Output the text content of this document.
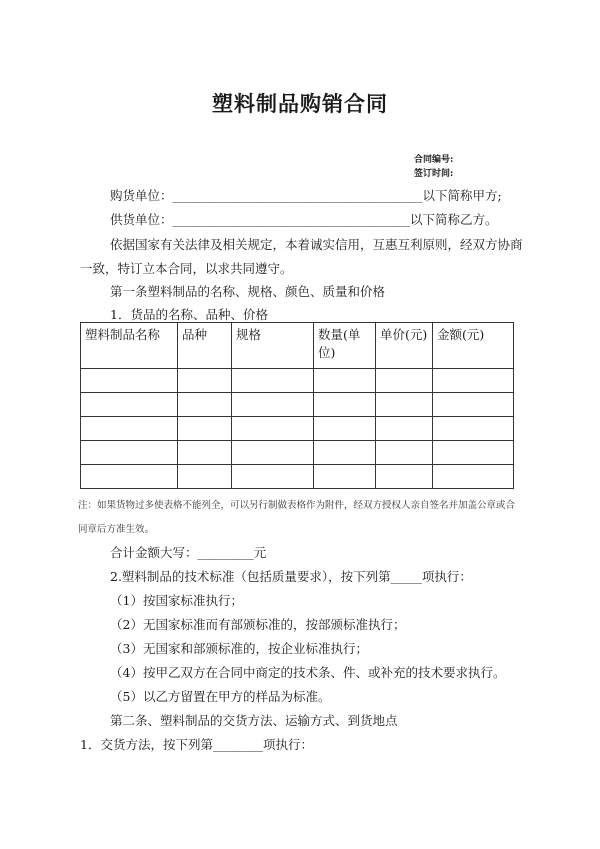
塑料制品购销合同
合同编号:
签订时间:
购货单位：________________________________________以下简称甲方;
供货单位：______________________________________以下简称乙方。
依据国家有关法律及相关规定，本着诚实信用，互惠互利原则，经双方协商
一致，特订立本合同，以求共同遵守。
第一条塑料制品的名称、规格、颜色、质量和价格
1．货品的名称、品种、价格
塑料制品名称	品种	规格	数量(单位)	单价(元)	金额(元)

注：如果货物过多使表格不能列全，可以另行制做表格作为附件，经双方授权人亲自签名并加盖公章或合同章后方准生效。
合计金额大写：_________元
2.塑料制品的技术标准（包括质量要求），按下列第_____项执行：
（1）按国家标准执行；
（2）无国家标准而有部颁标准的，按部颁标准执行；
（3）无国家和部颁标准的，按企业标准执行；
（4）按甲乙双方在合同中商定的技术条、件、或补充的技术要求执行。
（5）以乙方留置在甲方的样品为标准。
第二条、塑料制品的交货方法、运输方式、到货地点
1．交货方法，按下列第________项执行：
